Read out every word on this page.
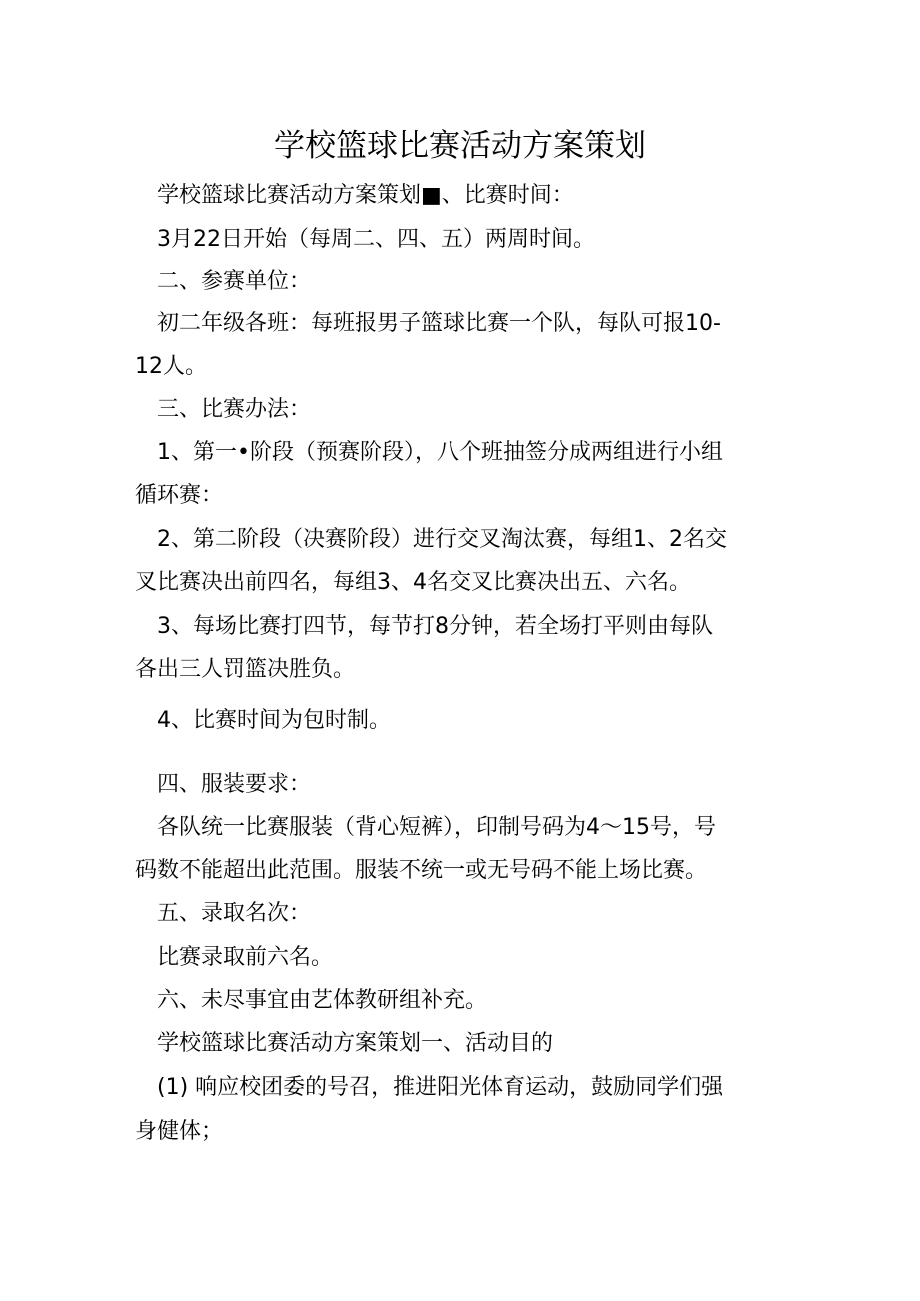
学校篮球比赛活动方案策划

　学校篮球比赛活动方案策划■、比赛时间：

　3月22日开始（每周二、四、五）两周时间。

　二、参赛单位：

　初二年级各班：每班报男子篮球比赛一个队，每队可报10-

12人。

　三、比赛办法：

　1、第一•阶段（预赛阶段），八个班抽签分成两组进行小组

循环赛：

　2、第二阶段（决赛阶段）进行交叉淘汰赛，每组1、2名交

叉比赛决出前四名，每组3、4名交叉比赛决出五、六名。

　3、每场比赛打四节，每节打8分钟，若全场打平则由每队

各出三人罚篮决胜负。

　4、比赛时间为包时制。

　四、服装要求：

　各队统一比赛服装（背心短裤），印制号码为4～15号，号

码数不能超出此范围。服装不统一或无号码不能上场比赛。

　五、录取名次：

　比赛录取前六名。

　六、未尽事宜由艺体教研组补充。

　学校篮球比赛活动方案策划一、活动目的

　(1) 响应校团委的号召，推进阳光体育运动，鼓励同学们强

身健体；
